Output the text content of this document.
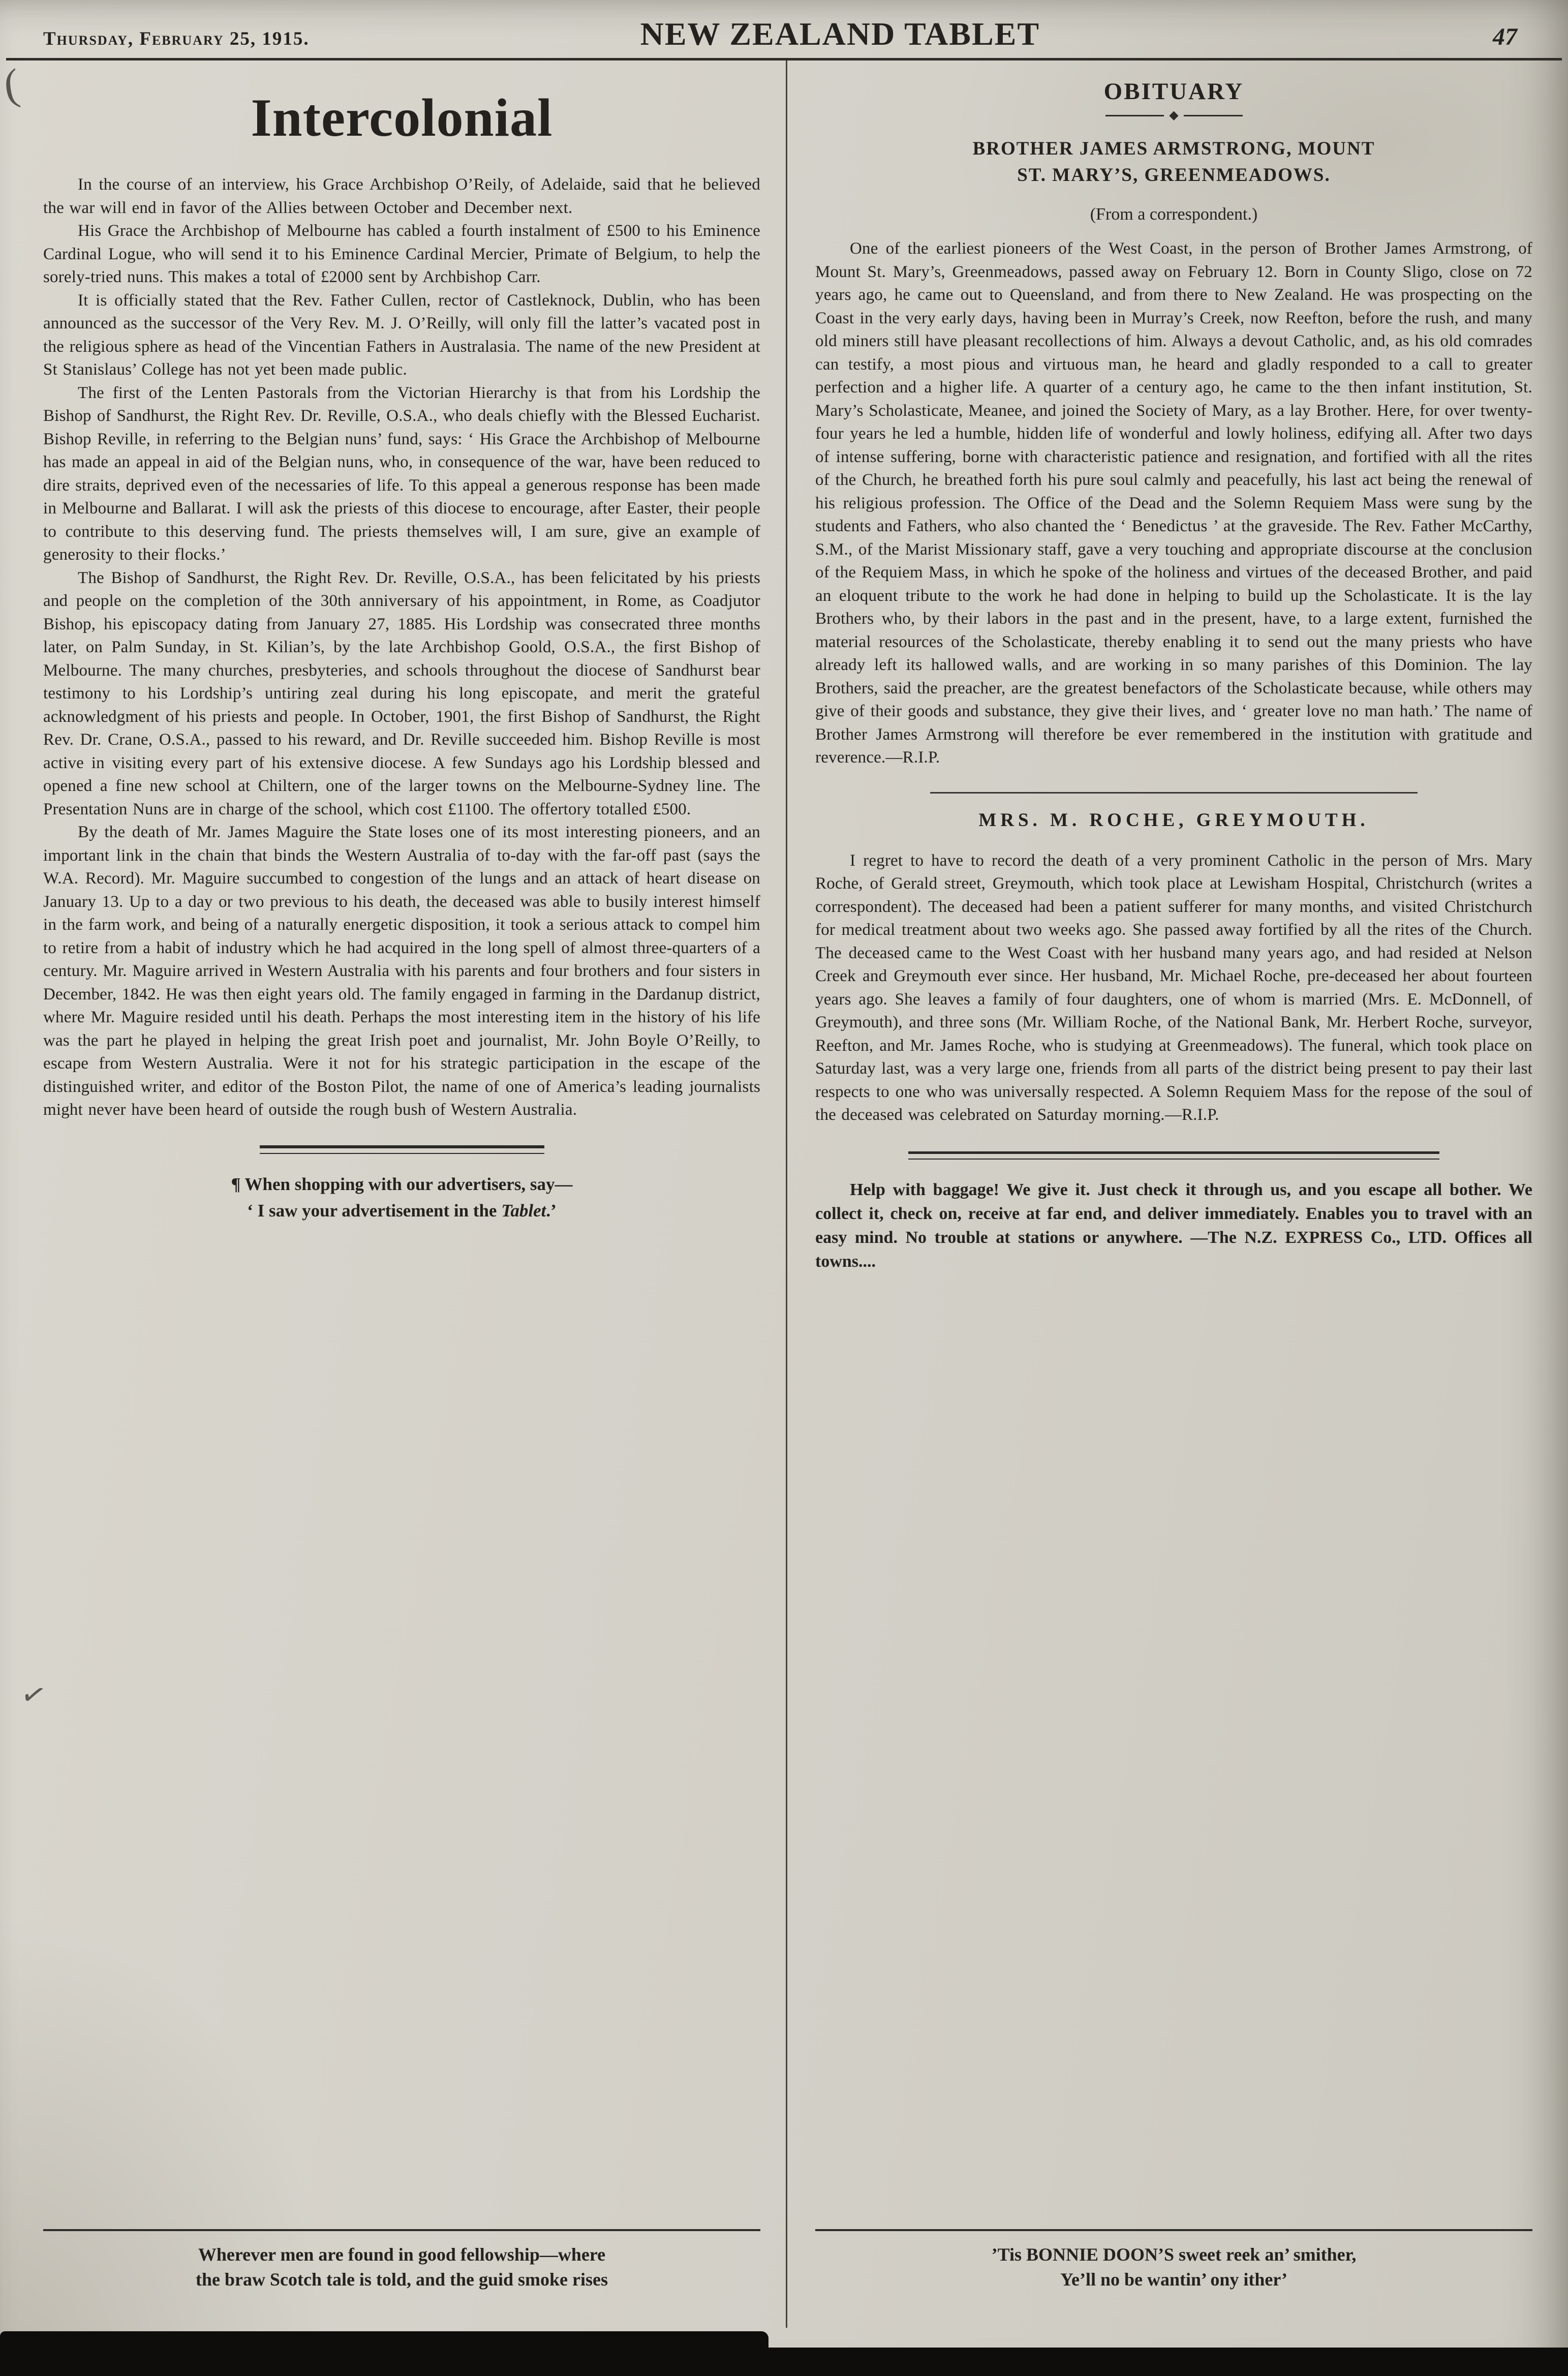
Thursday, February 25, 1915.	NEW ZEALAND TABLET	47
Intercolonial

In the course of an interview, his Grace Archbishop O’Reily, of Adelaide, said that he believed the war will end in favor of the Allies between October and December next.

His Grace the Archbishop of Melbourne has cabled a fourth instalment of £500 to his Eminence Cardinal Logue, who will send it to his Eminence Cardinal Mercier, Primate of Belgium, to help the sorely-tried nuns. This makes a total of £2000 sent by Archbishop Carr.

It is officially stated that the Rev. Father Cullen, rector of Castleknock, Dublin, who has been announced as the successor of the Very Rev. M. J. O’Reilly, will only fill the latter’s vacated post in the religious sphere as head of the Vincentian Fathers in Australasia. The name of the new President at St Stanislaus’ College has not yet been made public.

The first of the Lenten Pastorals from the Victorian Hierarchy is that from his Lordship the Bishop of Sandhurst, the Right Rev. Dr. Reville, O.S.A., who deals chiefly with the Blessed Eucharist. Bishop Reville, in referring to the Belgian nuns’ fund, says: ‘ His Grace the Archbishop of Melbourne has made an appeal in aid of the Belgian nuns, who, in consequence of the war, have been reduced to dire straits, deprived even of the necessaries of life. To this appeal a generous response has been made in Melbourne and Ballarat. I will ask the priests of this diocese to encourage, after Easter, their people to contribute to this deserving fund. The priests themselves will, I am sure, give an example of generosity to their flocks.’

The Bishop of Sandhurst, the Right Rev. Dr. Reville, O.S.A., has been felicitated by his priests and people on the completion of the 30th anniversary of his appointment, in Rome, as Coadjutor Bishop, his episcopacy dating from January 27, 1885. His Lordship was consecrated three months later, on Palm Sunday, in St. Kilian’s, by the late Archbishop Goold, O.S.A., the first Bishop of Melbourne. The many churches, presbyteries, and schools throughout the diocese of Sandhurst bear testimony to his Lordship’s untiring zeal during his long episcopate, and merit the grateful acknowledgment of his priests and people. In October, 1901, the first Bishop of Sandhurst, the Right Rev. Dr. Crane, O.S.A., passed to his reward, and Dr. Reville succeeded him. Bishop Reville is most active in visiting every part of his extensive diocese. A few Sundays ago his Lordship blessed and opened a fine new school at Chiltern, one of the larger towns on the Melbourne-Sydney line. The Presentation Nuns are in charge of the school, which cost £1100. The offertory totalled £500.

By the death of Mr. James Maguire the State loses one of its most interesting pioneers, and an important link in the chain that binds the Western Australia of to-day with the far-off past (says the W.A. Record). Mr. Maguire succumbed to congestion of the lungs and an attack of heart disease on January 13. Up to a day or two previous to his death, the deceased was able to busily interest himself in the farm work, and being of a naturally energetic disposition, it took a serious attack to compel him to retire from a habit of industry which he had acquired in the long spell of almost three-quarters of a century. Mr. Maguire arrived in Western Australia with his parents and four brothers and four sisters in December, 1842. He was then eight years old. The family engaged in farming in the Dardanup district, where Mr. Maguire resided until his death. Perhaps the most interesting item in the history of his life was the part he played in helping the great Irish poet and journalist, Mr. John Boyle O’Reilly, to escape from Western Australia. Were it not for his strategic participation in the escape of the distinguished writer, and editor of the Boston Pilot, the name of one of America’s leading journalists might never have been heard of outside the rough bush of Western Australia.

¶ When shopping with our advertisers, say—
‘ I saw your advertisement in the Tablet.’

Wherever men are found in good fellowship—where
the braw Scotch tale is told, and the guid smoke rises
OBITUARY
◆
BROTHER JAMES ARMSTRONG, MOUNT
ST. MARY’S, GREENMEADOWS.
(From a correspondent.)

One of the earliest pioneers of the West Coast, in the person of Brother James Armstrong, of Mount St. Mary’s, Greenmeadows, passed away on February 12. Born in County Sligo, close on 72 years ago, he came out to Queensland, and from there to New Zealand. He was prospecting on the Coast in the very early days, having been in Murray’s Creek, now Reefton, before the rush, and many old miners still have pleasant recollections of him. Always a devout Catholic, and, as his old comrades can testify, a most pious and virtuous man, he heard and gladly responded to a call to greater perfection and a higher life. A quarter of a century ago, he came to the then infant institution, St. Mary’s Scholasticate, Meanee, and joined the Society of Mary, as a lay Brother. Here, for over twenty-four years he led a humble, hidden life of wonderful and lowly holiness, edifying all. After two days of intense suffering, borne with characteristic patience and resignation, and fortified with all the rites of the Church, he breathed forth his pure soul calmly and peacefully, his last act being the renewal of his religious profession. The Office of the Dead and the Solemn Requiem Mass were sung by the students and Fathers, who also chanted the ‘ Benedictus ’ at the graveside. The Rev. Father McCarthy, S.M., of the Marist Missionary staff, gave a very touching and appropriate discourse at the conclusion of the Requiem Mass, in which he spoke of the holiness and virtues of the deceased Brother, and paid an eloquent tribute to the work he had done in helping to build up the Scholasticate. It is the lay Brothers who, by their labors in the past and in the present, have, to a large extent, furnished the material resources of the Scholasticate, thereby enabling it to send out the many priests who have already left its hallowed walls, and are working in so many parishes of this Dominion. The lay Brothers, said the preacher, are the greatest benefactors of the Scholasticate because, while others may give of their goods and substance, they give their lives, and ‘ greater love no man hath.’ The name of Brother James Armstrong will therefore be ever remembered in the institution with gratitude and reverence.—R.I.P.

MRS. M. ROCHE, GREYMOUTH.

I regret to have to record the death of a very prominent Catholic in the person of Mrs. Mary Roche, of Gerald street, Greymouth, which took place at Lewisham Hospital, Christchurch (writes a correspondent). The deceased had been a patient sufferer for many months, and visited Christchurch for medical treatment about two weeks ago. She passed away fortified by all the rites of the Church. The deceased came to the West Coast with her husband many years ago, and had resided at Nelson Creek and Greymouth ever since. Her husband, Mr. Michael Roche, pre-deceased her about fourteen years ago. She leaves a family of four daughters, one of whom is married (Mrs. E. McDonnell, of Greymouth), and three sons (Mr. William Roche, of the National Bank, Mr. Herbert Roche, surveyor, Reefton, and Mr. James Roche, who is studying at Greenmeadows). The funeral, which took place on Saturday last, was a very large one, friends from all parts of the district being present to pay their last respects to one who was universally respected. A Solemn Requiem Mass for the repose of the soul of the deceased was celebrated on Saturday morning.—R.I.P.

Help with baggage! We give it. Just check it through us, and you escape all bother. We collect it, check on, receive at far end, and deliver immediately. Enables you to travel with an easy mind. No trouble at stations or anywhere. —The N.Z. EXPRESS Co., LTD. Offices all towns....

’Tis BONNIE DOON’S sweet reek an’ smither,
Ye’ll no be wantin’ ony ither’
(
✓
